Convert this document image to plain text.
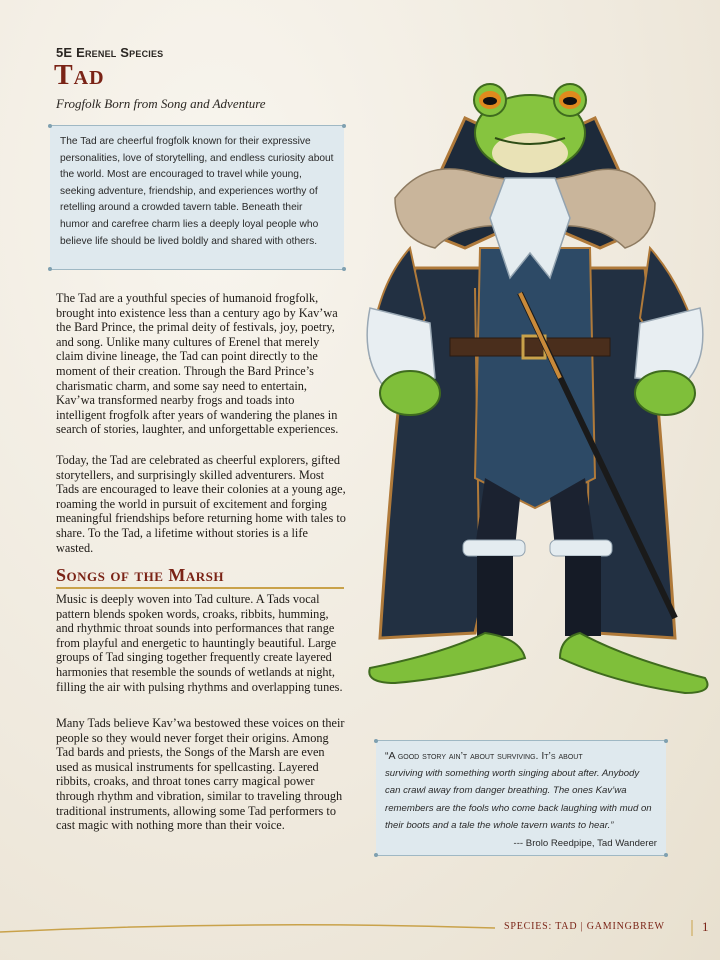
5E Erenel Species
Tad
Frogfolk Born from Song and Adventure
The Tad are cheerful frogfolk known for their expressive personalities, love of storytelling, and endless curiosity about the world. Most are encouraged to travel while young, seeking adventure, friendship, and experiences worthy of retelling around a crowded tavern table. Beneath their humor and carefree charm lies a deeply loyal people who believe life should be lived boldly and shared with others.

The Tad are a youthful species of humanoid frogfolk, brought into existence less than a century ago by Kav’wa the Bard Prince, the primal deity of festivals, joy, poetry, and song. Unlike many cultures of Erenel that merely claim divine lineage, the Tad can point directly to the moment of their creation. Through the Bard Prince’s charismatic charm, and some say need to entertain, Kav’wa transformed nearby frogs and toads into intelligent frogfolk after years of wandering the planes in search of stories, laughter, and unforgettable experiences.

Today, the Tad are celebrated as cheerful explorers, gifted storytellers, and surprisingly skilled adventurers. Most Tads are encouraged to leave their colonies at a young age, roaming the world in pursuit of excitement and forging meaningful friendships before returning home with tales to share. To the Tad, a lifetime without stories is a life wasted.

Songs of the Marsh

Music is deeply woven into Tad culture. A Tads vocal pattern blends spoken words, croaks, ribbits, humming, and rhythmic throat sounds into performances that range from playful and energetic to hauntingly beautiful. Large groups of Tad singing together frequently create layered harmonies that resemble the sounds of wetlands at night, filling the air with pulsing rhythms and overlapping tunes.

Many Tads believe Kav’wa bestowed these voices on their people so they would never forget their origins. Among Tad bards and priests, the Songs of the Marsh are even used as musical instruments for spellcasting. Layered ribbits, croaks, and throat tones carry magical power through rhythm and vibration, similar to traveling through traditional instruments, allowing some Tad performers to cast magic with nothing more than their voice.

“A good story ain’t about surviving. It’s about
surviving with something worth singing about after. Anybody can crawl away from danger breathing. The ones Kav’wa remembers are the fools who come back laughing with mud on their boots and a tale the whole tavern wants to hear.”
--- Brolo Reedpipe, Tad Wanderer
SPECIES: TAD | GAMINGBREW	1
